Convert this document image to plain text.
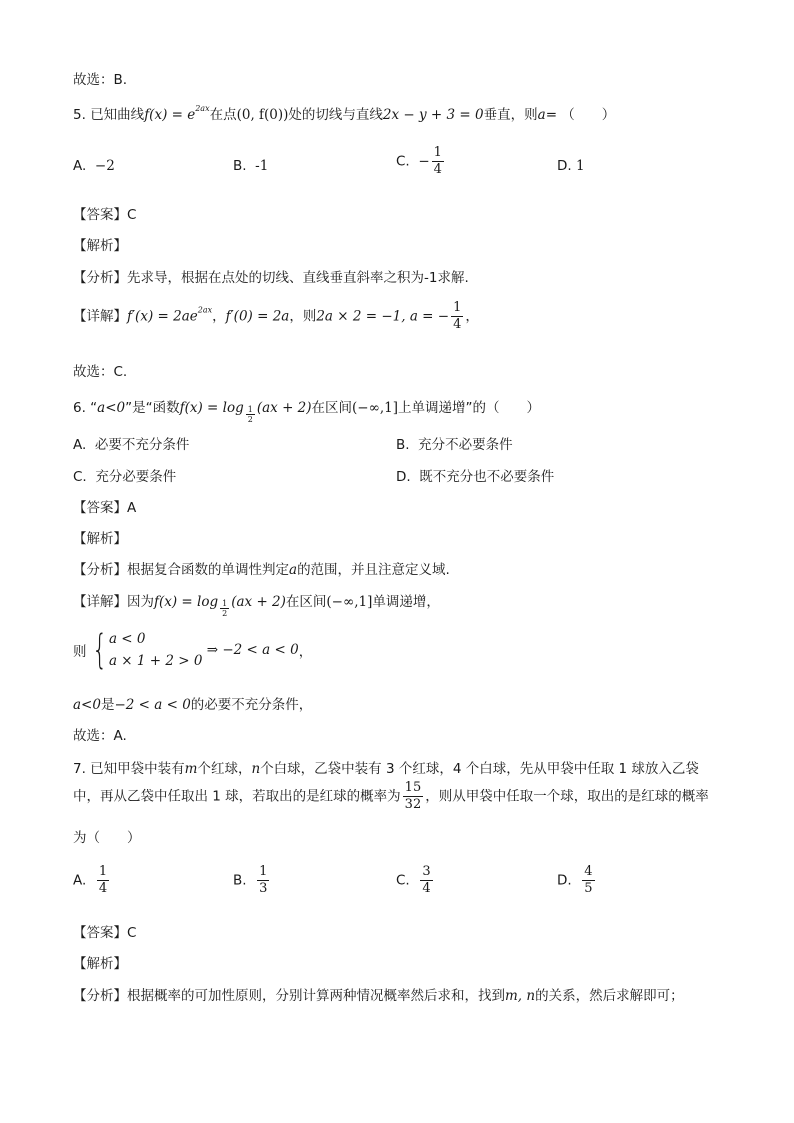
故选：B.
5. 已知曲线$f(x) = e^{2ax}$在点(0, f(0))处的切线与直线2x − y + 3 = 0垂直，则a= （　　）
A. −2	B. -1	C. − $\frac{1}{4}$	D. 1
【答案】C
【解析】
【分析】先求导，根据在点处的切线、直线垂直斜率之积为-1求解.
【详解】$f'(x) = 2ae^{2ax}$，f′(0) = 2a，则2a × 2 = −1, a = − $\frac{1}{4}$ ，
故选：C.
6. “a<0”是“函数$f(x) = \log \frac{1}{2} (ax + 2)$在区间(−∞,1]上单调递增”的（　　）
A. 必要不充分条件	B. 充分不必要条件
C. 充分必要条件	D. 既不充分也不必要条件
【答案】A
【解析】
【分析】根据复合函数的单调性判定a的范围，并且注意定义域.
【详解】因为$f(x) = \log \frac{1}{2} (ax + 2)$在区间(−∞,1]单调递增，
则 { a < 0
a × 1 + 2 > 0
⇒ −2 < a < 0，
a<0是−2 < a < 0的必要不充分条件，
故选：A.
7. 已知甲袋中装有m个红球，n个白球，乙袋中装有 3 个红球，4 个白球，先从甲袋中任取 1 球放入乙袋
中，再从乙袋中任取出 1 球，若取出的是红球的概率为 $\frac{15}{32}$ ，则从甲袋中任取一个球，取出的是红球的概率
为（　　）
A. $\frac{1}{4}$	B. $\frac{1}{3}$	C. $\frac{3}{4}$	D. $\frac{4}{5}$
【答案】C
【解析】
【分析】根据概率的可加性原则，分别计算两种情况概率然后求和，找到m, n的关系，然后求解即可；
